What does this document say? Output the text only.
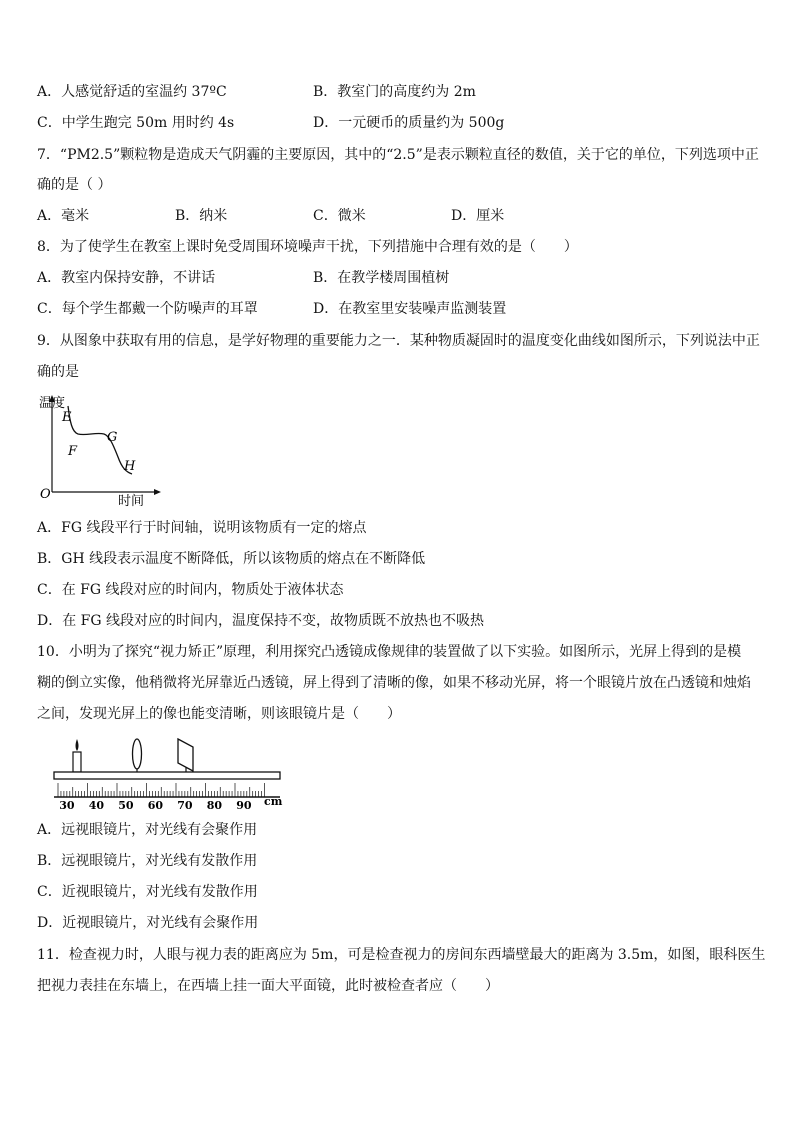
A．人感觉舒适的室温约 37ºC	B．教室门的高度约为 2m
C．中学生跑完 50m 用时约 4s	D．一元硬币的质量约为 500g
7．“PM2.5”颗粒物是造成天气阴霾的主要原因，其中的“2.5”是表示颗粒直径的数值，关于它的单位，下列选项中正
确的是（ ）
A．毫米	B．纳米	C．微米	D．厘米
8．为了使学生在教室上课时免受周围环境噪声干扰，下列措施中合理有效的是（　　）
A．教室内保持安静，不讲话	B．在教学楼周围植树
C．每个学生都戴一个防噪声的耳罩	D．在教室里安装噪声监测装置
9．从图象中获取有用的信息，是学好物理的重要能力之一．某种物质凝固时的温度变化曲线如图所示，下列说法中正
确的是
温度
时间
O
E
F
G
H
A．FG 线段平行于时间轴，说明该物质有一定的熔点
B．GH 线段表示温度不断降低，所以该物质的熔点在不断降低
C．在 FG 线段对应的时间内，物质处于液体状态
D．在 FG 线段对应的时间内，温度保持不变，故物质既不放热也不吸热
10．小明为了探究“视力矫正”原理，利用探究凸透镜成像规律的装置做了以下实验。如图所示，光屏上得到的是模
糊的倒立实像，他稍微将光屏靠近凸透镜，屏上得到了清晰的像，如果不移动光屏，将一个眼镜片放在凸透镜和烛焰
之间，发现光屏上的像也能变清晰，则该眼镜片是（　　）
30 40 50 60 70 80 90 cm
A．远视眼镜片，对光线有会聚作用
B．远视眼镜片，对光线有发散作用
C．近视眼镜片，对光线有发散作用
D．近视眼镜片，对光线有会聚作用
11．检查视力时，人眼与视力表的距离应为 5m，可是检查视力的房间东西墙壁最大的距离为 3.5m，如图，眼科医生
把视力表挂在东墙上，在西墙上挂一面大平面镜，此时被检查者应（　　）
